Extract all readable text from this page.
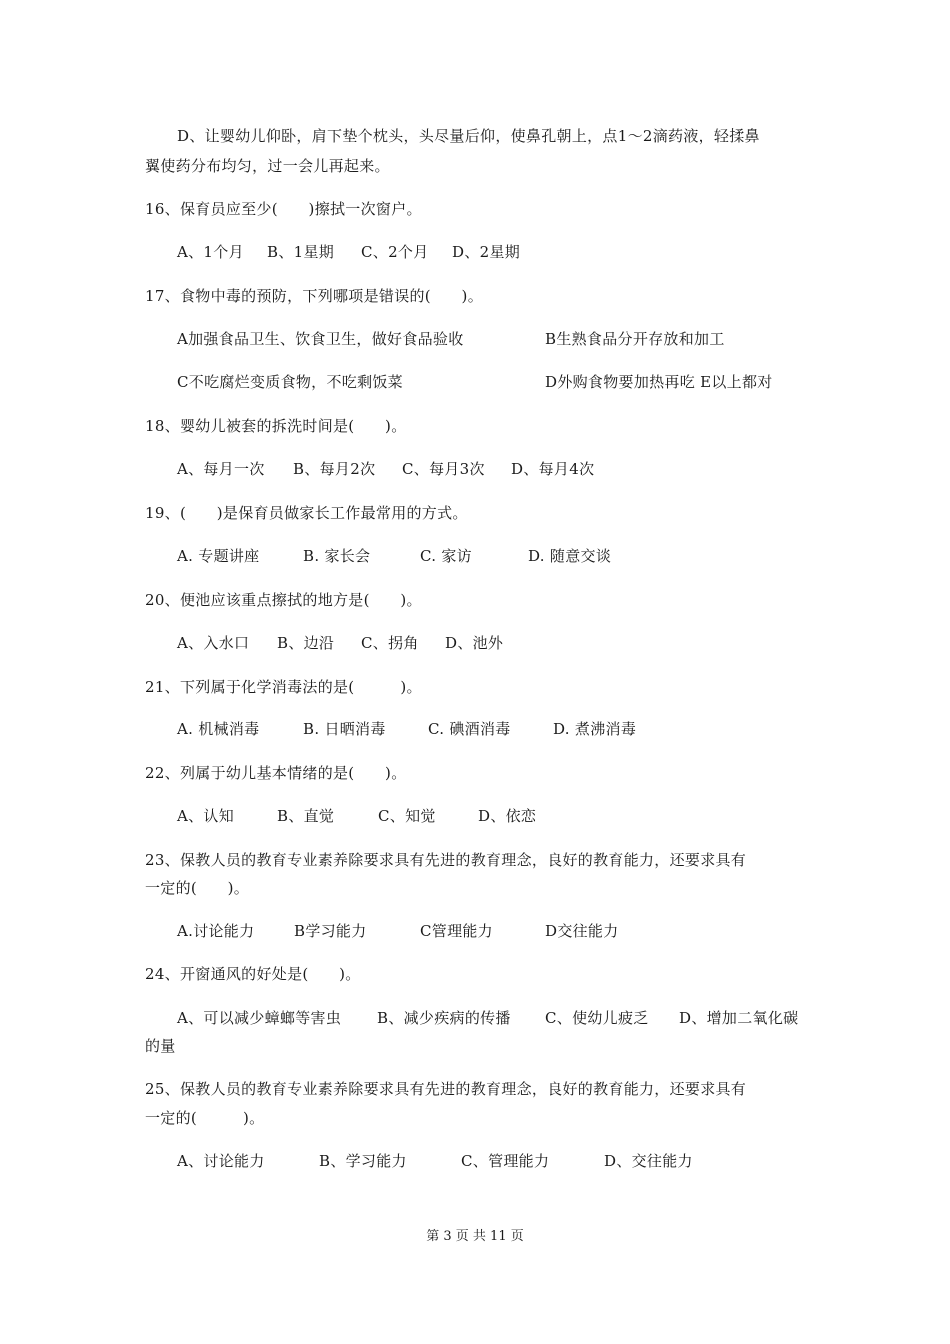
D、让婴幼儿仰卧，肩下垫个枕头，头尽量后仰，使鼻孔朝上，点1～2滴药液，轻揉鼻
翼使药分布均匀，过一会儿再起来。
16、保育员应至少(　　)擦拭一次窗户。
A、1个月 B、1星期 C、2个月 D、2星期
17、食物中毒的预防，下列哪项是错误的(　　)。
A加强食品卫生、饮食卫生，做好食品验收	B生熟食品分开存放和加工
C不吃腐烂变质食物，不吃剩饭菜	D外购食物要加热再吃 E以上都对
18、婴幼儿被套的拆洗时间是(　　)。
A、每月一次 B、每月2次 C、每月3次 D、每月4次
19、(　　)是保育员做家长工作最常用的方式。
A. 专题讲座	B. 家长会	C. 家访	D. 随意交谈
20、便池应该重点擦拭的地方是(　　)。
A、入水口 B、边沿 C、拐角 D、池外
21、下列属于化学消毒法的是(　　　)。
A. 机械消毒	B. 日晒消毒	C. 碘酒消毒	D. 煮沸消毒
22、列属于幼儿基本情绪的是(　　)。
A、认知	B、直觉	C、知觉	D、依恋
23、保教人员的教育专业素养除要求具有先进的教育理念，良好的教育能力，还要求具有
一定的(　　)。
A.讨论能力	B学习能力	C管理能力	D交往能力
24、开窗通风的好处是(　　)。
A、可以减少蟑螂等害虫 B、减少疾病的传播 C、使幼儿疲乏 D、增加二氧化碳
的量
25、保教人员的教育专业素养除要求具有先进的教育理念，良好的教育能力，还要求具有
一定的(　　　)。
A、讨论能力	B、学习能力	C、管理能力	D、交往能力
第 3 页 共 11 页
